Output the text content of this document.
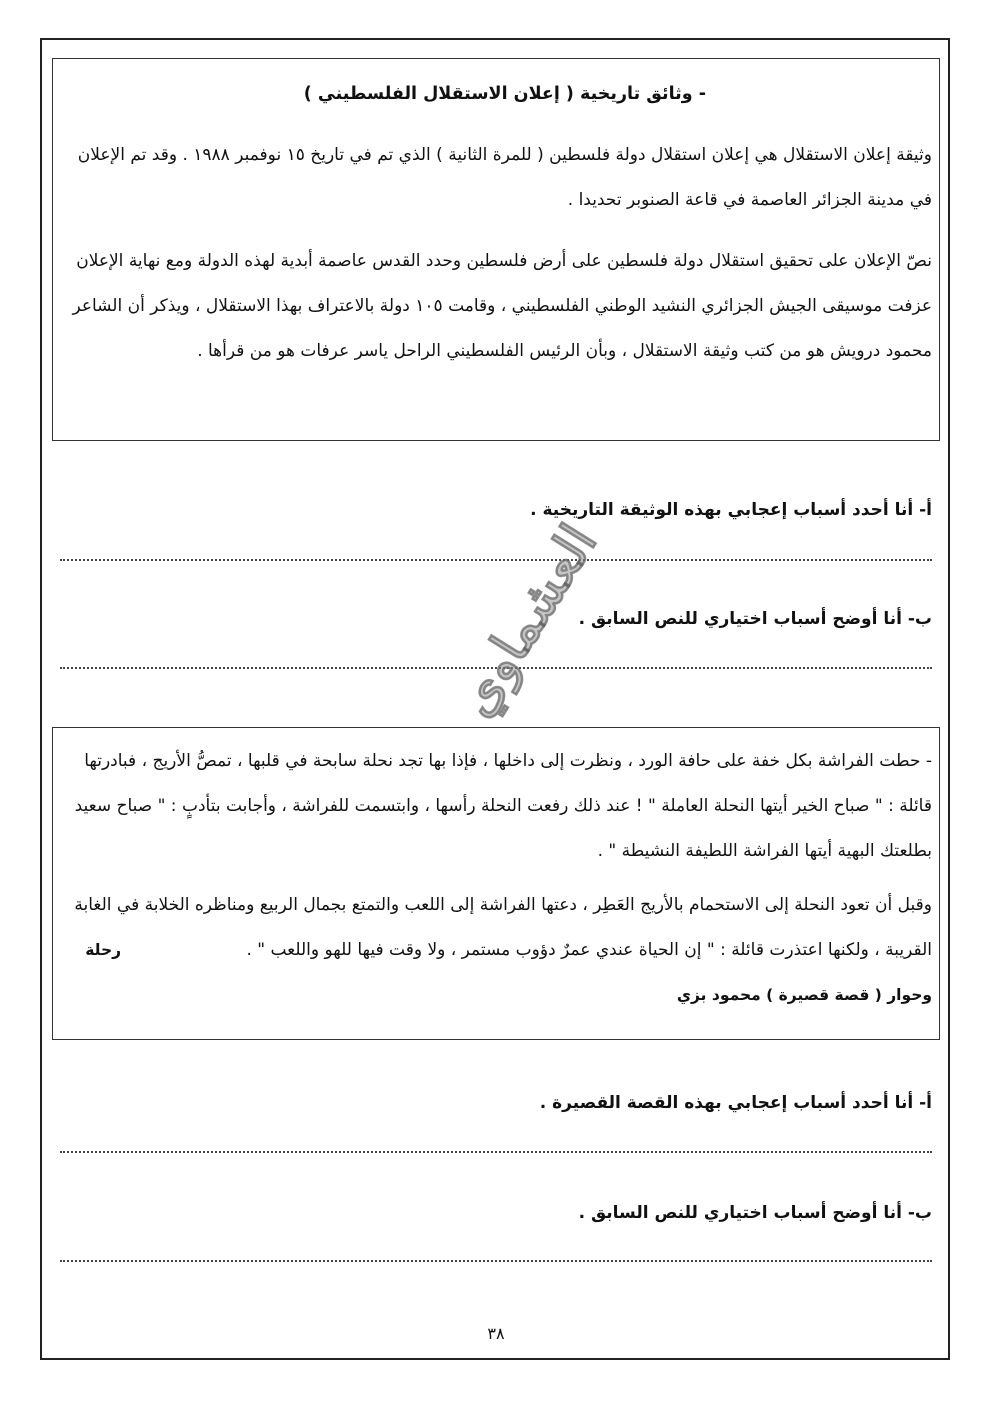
- وثائق تاريخية ( إعلان الاستقلال الفلسطيني )

وثيقة إعلان الاستقلال هي إعلان استقلال دولة فلسطين ( للمرة الثانية ) الذي تم في تاريخ ١٥ نوفمبر ١٩٨٨ . وقد تم الإعلان في مدينة الجزائر العاصمة في قاعة الصنوبر تحديدا .

نصّ الإعلان على تحقيق استقلال دولة فلسطين على أرض فلسطين وحدد القدس عاصمة أبدية لهذه الدولة ومع نهاية الإعلان عزفت موسيقى الجيش الجزائري النشيد الوطني الفلسطيني ، وقامت ١٠٥ دولة بالاعتراف بهذا الاستقلال ، ويذكر أن الشاعر محمود درويش هو من كتب وثيقة الاستقلال ، وبأن الرئيس الفلسطيني الراحل ياسر عرفات هو من قرأها .

أ- أنا أحدد أسباب إعجابي بهذه الوثيقة التاريخية .
ب- أنا أوضح أسباب اختياري للنص السابق .
العشماوي

- حطت الفراشة بكل خفة على حافة الورد ، ونظرت إلى داخلها ، فإذا بها تجد نحلة سابحة في قلبها ، تمصُّ الأريج ، فبادرتها قائلة : " صباح الخير أيتها النحلة العاملة " ! عند ذلك رفعت النحلة رأسها ، وابتسمت للفراشة ، وأجابت بتأدبٍ : " صباح سعيد بطلعتك البهية أيتها الفراشة اللطيفة النشيطة " .

وقبل أن تعود النحلة إلى الاستحمام بالأريج العَطِر ، دعتها الفراشة إلى اللعب والتمتع بجمال الربيع ومناظره الخلابة في الغابة القريبة ، ولكنها اعتذرت قائلة : " إن الحياة عندي عمرٌ دؤوب مستمر ، ولا وقت فيها للهو واللعب " . رحلة وحوار ( قصة قصيرة ) محمود بزي

أ- أنا أحدد أسباب إعجابي بهذه القصة القصيرة .
ب- أنا أوضح أسباب اختياري للنص السابق .
٣٨
